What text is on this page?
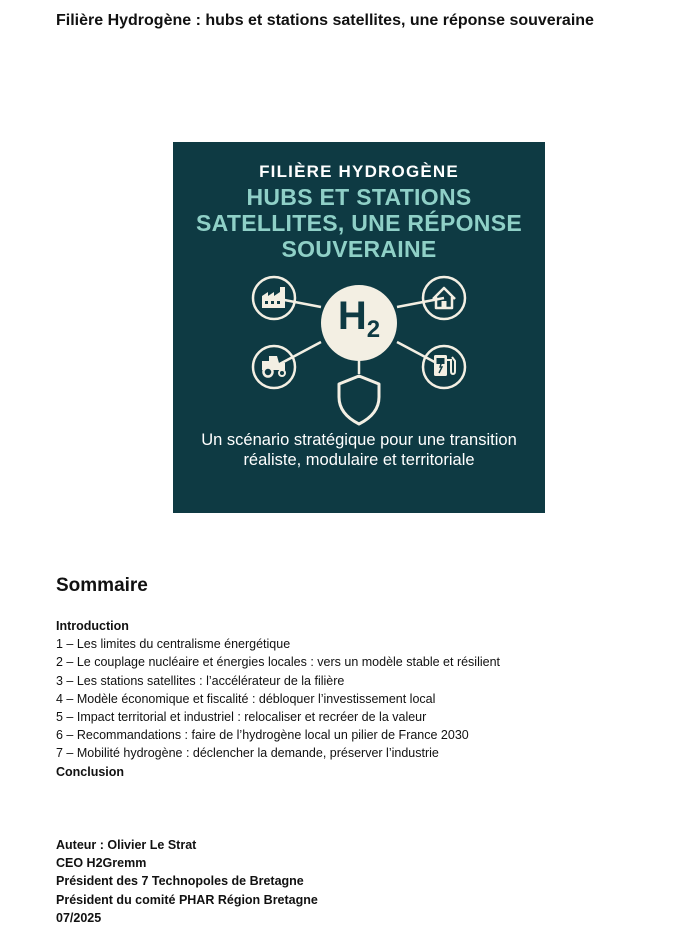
Filière Hydrogène : hubs et stations satellites, une réponse souveraine
FILIÈRE HYDROGÈNE
HUBS ET STATIONS SATELLITES, UNE RÉPONSE SOUVERAINE
$H_2$
Un scénario stratégique pour une transition réaliste, modulaire et territoriale
Sommaire
Introduction
1 – Les limites du centralisme énergétique
2 – Le couplage nucléaire et énergies locales : vers un modèle stable et résilient
3 – Les stations satellites : l’accélérateur de la filière
4 – Modèle économique et fiscalité : débloquer l’investissement local
5 – Impact territorial et industriel : relocaliser et recréer de la valeur
6 – Recommandations : faire de l’hydrogène local un pilier de France 2030
7 – Mobilité hydrogène : déclencher la demande, préserver l’industrie
Conclusion
Auteur : Olivier Le Strat
CEO H2Gremm
Président des 7 Technopoles de Bretagne
Président du comité PHAR Région Bretagne
07/2025
